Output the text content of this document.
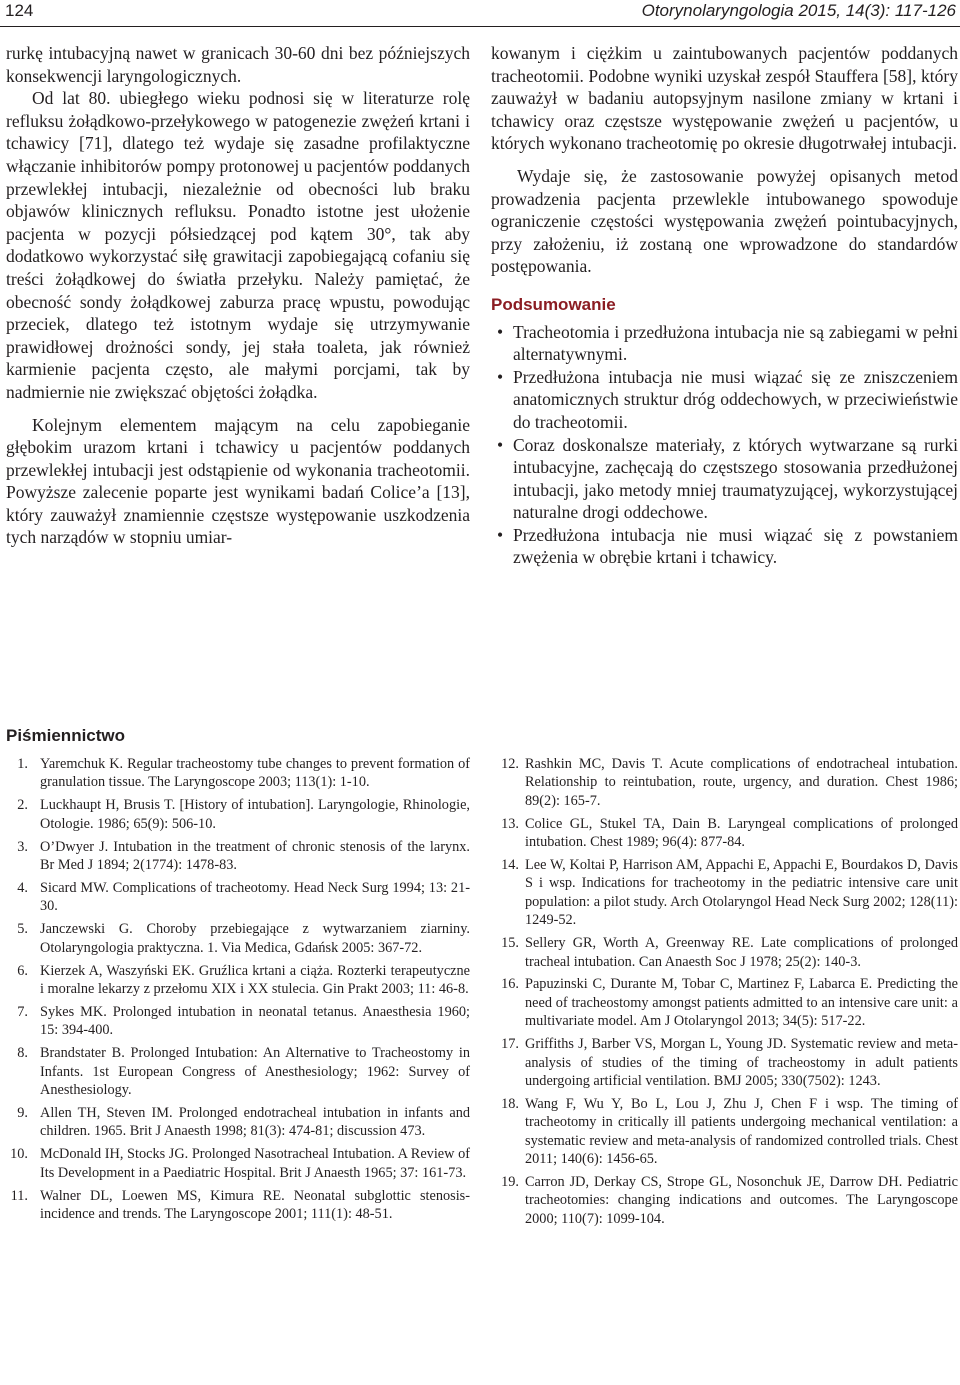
124	Otorynolaryngologia 2015, 14(3): 117-126

rurkę intubacyjną nawet w granicach 30-60 dni bez późniejszych konsekwencji laryngologicznych.

Od lat 80. ubiegłego wieku podnosi się w literaturze rolę refluksu żołądkowo-przełykowego w patogenezie zwężeń krtani i tchawicy [71], dlatego też wydaje się zasadne profilaktyczne włączanie inhibitorów pompy protonowej u pacjentów poddanych przewlekłej intubacji, niezależnie od obecności lub braku objawów klinicznych refluksu. Ponadto istotne jest ułożenie pacjenta w pozycji półsiedzącej pod kątem 30°, tak aby dodatkowo wykorzystać siłę grawitacji zapobiegającą cofaniu się treści żołądkowej do światła przełyku. Należy pamiętać, że obecność sondy żołądkowej zaburza pracę wpustu, powodując przeciek, dlatego też istotnym wydaje się utrzymywanie prawidłowej drożności sondy, jej stała toaleta, jak również karmienie pacjenta często, ale małymi porcjami, tak by nadmiernie nie zwiększać objętości żołądka.

Kolejnym elementem mającym na celu zapobieganie głębokim urazom krtani i tchawicy u pacjentów poddanych przewlekłej intubacji jest odstąpienie od wykonania tracheotomii. Powyższe zalecenie poparte jest wynikami badań Colice’a [13], który zauważył znamiennie częstsze występowanie uszkodzenia tych narządów w stopniu umiar-

kowanym i ciężkim u zaintubowanych pacjentów poddanych tracheotomii. Podobne wyniki uzyskał zespół Stauffera [58], który zauważył w badaniu autopsyjnym nasilone zmiany w krtani i tchawicy oraz częstsze występowanie zwężeń u pacjentów, u których wykonano tracheotomię po okresie długotrwałej intubacji.

Wydaje się, że zastosowanie powyżej opisanych metod prowadzenia pacjenta przewlekle intubowanego spowoduje ograniczenie częstości występowania zwężeń pointubacyjnych, przy założeniu, iż zostaną one wprowadzone do standardów postępowania.

Podsumowanie
• Tracheotomia i przedłużona intubacja nie są zabiegami w pełni alternatywnymi.
• Przedłużona intubacja nie musi wiązać się ze zniszczeniem anatomicznych struktur dróg oddechowych, w przeciwieństwie do tracheotomii.
• Coraz doskonalsze materiały, z których wytwarzane są rurki intubacyjne, zachęcają do częstszego stosowania przedłużonej intubacji, jako metody mniej traumatyzującej, wykorzystującej naturalne drogi oddechowe.
• Przedłużona intubacja nie musi wiązać się z powstaniem zwężenia w obrębie krtani i tchawicy.
Piśmiennictwo
1. Yaremchuk K. Regular tracheostomy tube changes to prevent formation of granulation tissue. The Laryngoscope 2003; 113(1): 1-10.
2. Luckhaupt H, Brusis T. [History of intubation]. Laryngologie, Rhinologie, Otologie. 1986; 65(9): 506-10.
3. O’Dwyer J. Intubation in the treatment of chronic stenosis of the larynx. Br Med J 1894; 2(1774): 1478-83.
4. Sicard MW. Complications of tracheotomy. Head Neck Surg 1994; 13: 21-30.
5. Janczewski G. Choroby przebiegające z wytwarzaniem ziarniny. Otolaryngologia praktyczna. 1. Via Medica, Gdańsk 2005: 367-72.
6. Kierzek A, Waszyński EK. Gruźlica krtani a ciąża. Rozterki terapeutyczne i moralne lekarzy z przełomu XIX i XX stulecia. Gin Prakt 2003; 11: 46-8.
7. Sykes MK. Prolonged intubation in neonatal tetanus. Anaesthesia 1960; 15: 394-400.
8. Brandstater B. Prolonged Intubation: An Alternative to Tracheostomy in Infants. 1st European Congress of Anesthesiology; 1962: Survey of Anesthesiology.
9. Allen TH, Steven IM. Prolonged endotracheal intubation in infants and children. 1965. Brit J Anaesth 1998; 81(3): 474-81; discussion 473.
10. McDonald IH, Stocks JG. Prolonged Nasotracheal Intubation. A Review of Its Development in a Paediatric Hospital. Brit J Anaesth 1965; 37: 161-73.
11. Walner DL, Loewen MS, Kimura RE. Neonatal subglottic stenosis-incidence and trends. The Laryngoscope 2001; 111(1): 48-51.
12. Rashkin MC, Davis T. Acute complications of endotracheal intubation. Relationship to reintubation, route, urgency, and duration. Chest 1986; 89(2): 165-7.
13. Colice GL, Stukel TA, Dain B. Laryngeal complications of prolonged intubation. Chest 1989; 96(4): 877-84.
14. Lee W, Koltai P, Harrison AM, Appachi E, Appachi E, Bourdakos D, Davis S i wsp. Indications for tracheotomy in the pediatric intensive care unit population: a pilot study. Arch Otolaryngol Head Neck Surg 2002; 128(11): 1249-52.
15. Sellery GR, Worth A, Greenway RE. Late complications of prolonged tracheal intubation. Can Anaesth Soc J 1978; 25(2): 140-3.
16. Papuzinski C, Durante M, Tobar C, Martinez F, Labarca E. Predicting the need of tracheostomy amongst patients admitted to an intensive care unit: a multivariate model. Am J Otolaryngol 2013; 34(5): 517-22.
17. Griffiths J, Barber VS, Morgan L, Young JD. Systematic review and meta-analysis of studies of the timing of tracheostomy in adult patients undergoing artificial ventilation. BMJ 2005; 330(7502): 1243.
18. Wang F, Wu Y, Bo L, Lou J, Zhu J, Chen F i wsp. The timing of tracheotomy in critically ill patients undergoing mechanical ventilation: a systematic review and meta-analysis of randomized controlled trials. Chest 2011; 140(6): 1456-65.
19. Carron JD, Derkay CS, Strope GL, Nosonchuk JE, Darrow DH. Pediatric tracheotomies: changing indications and outcomes. The Laryngoscope 2000; 110(7): 1099-104.
